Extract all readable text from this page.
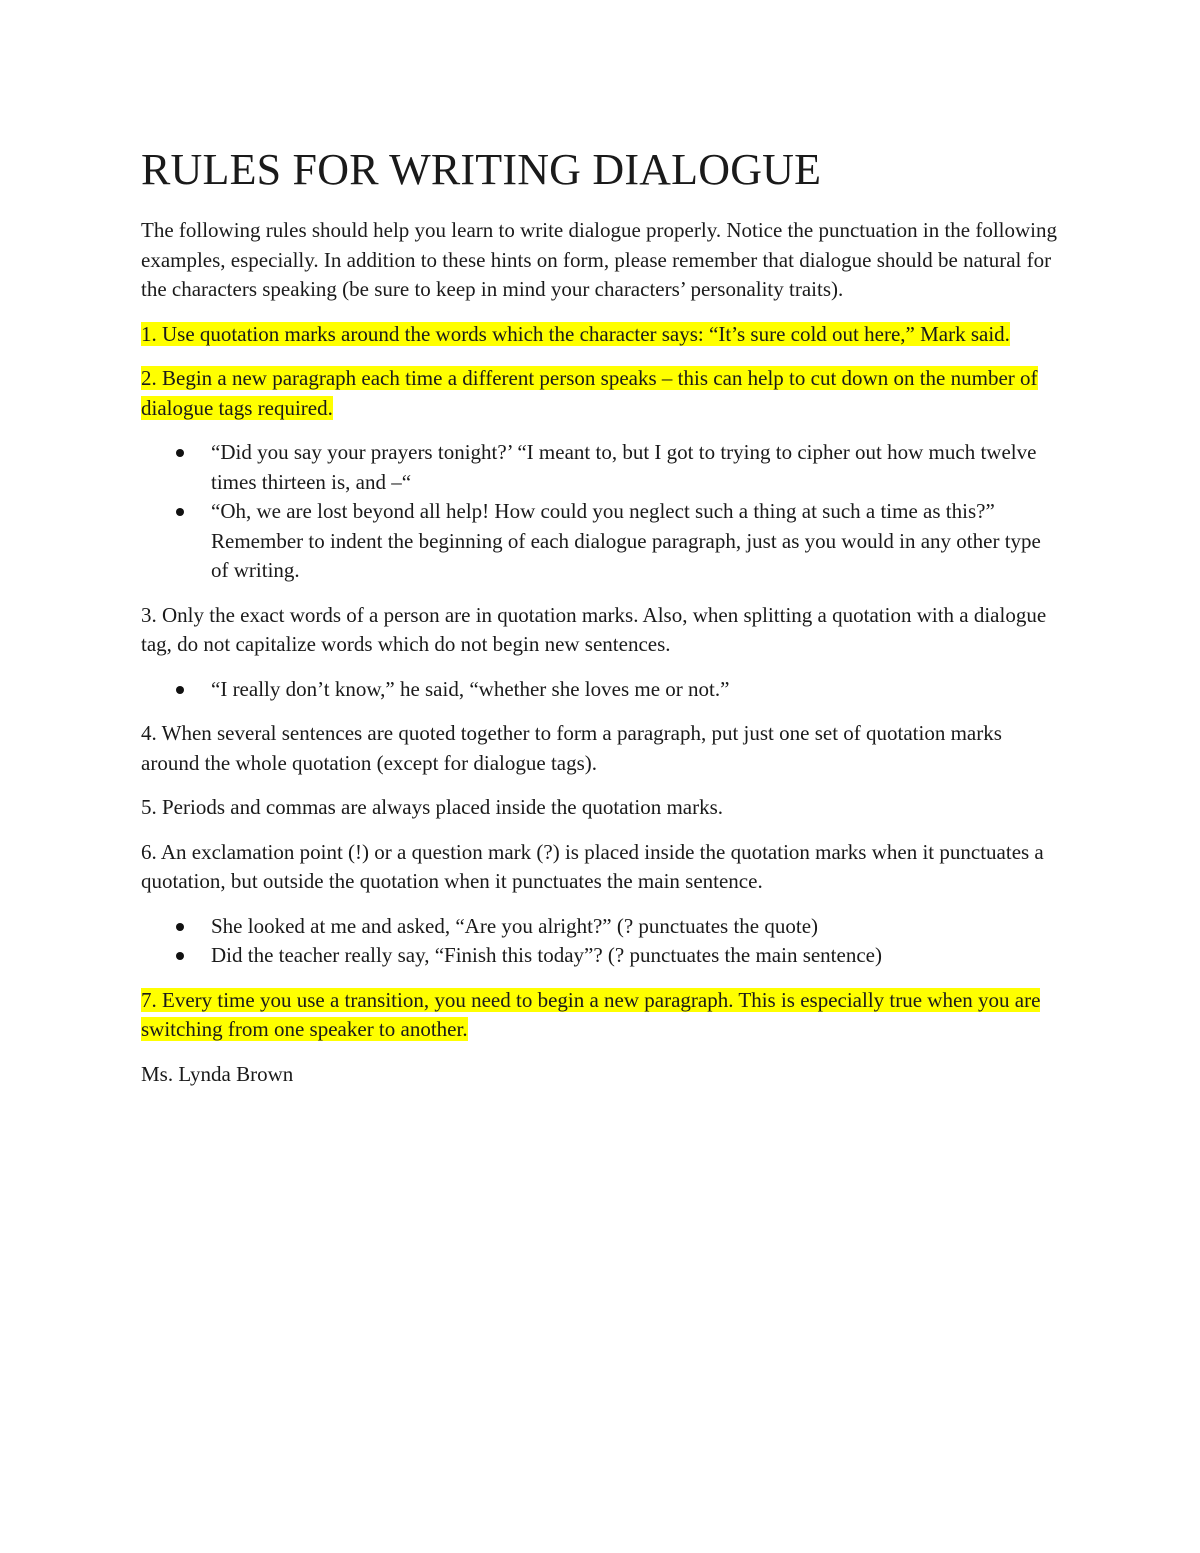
RULES FOR WRITING DIALOGUE

The following rules should help you learn to write dialogue properly. Notice the punctuation in the following examples, especially. In addition to these hints on form, please remember that dialogue should be natural for the characters speaking (be sure to keep in mind your characters’ personality traits).

1. Use quotation marks around the words which the character says: “It’s sure cold out here,” Mark said.

2. Begin a new paragraph each time a different person speaks – this can help to cut down on the number of dialogue tags required.

“Did you say your prayers tonight?’ “I meant to, but I got to trying to cipher out how much twelve times thirteen is, and –“
“Oh, we are lost beyond all help! How could you neglect such a thing at such a time as this?” Remember to indent the beginning of each dialogue paragraph, just as you would in any other type of writing.

3. Only the exact words of a person are in quotation marks. Also, when splitting a quotation with a dialogue tag, do not capitalize words which do not begin new sentences.

“I really don’t know,” he said, “whether she loves me or not.”

4. When several sentences are quoted together to form a paragraph, put just one set of quotation marks around the whole quotation (except for dialogue tags).

5. Periods and commas are always placed inside the quotation marks.

6. An exclamation point (!) or a question mark (?) is placed inside the quotation marks when it punctuates a quotation, but outside the quotation when it punctuates the main sentence.

She looked at me and asked, “Are you alright?” (? punctuates the quote)
Did the teacher really say, “Finish this today”? (? punctuates the main sentence)

7. Every time you use a transition, you need to begin a new paragraph. This is especially true when you are switching from one speaker to another.

Ms. Lynda Brown
